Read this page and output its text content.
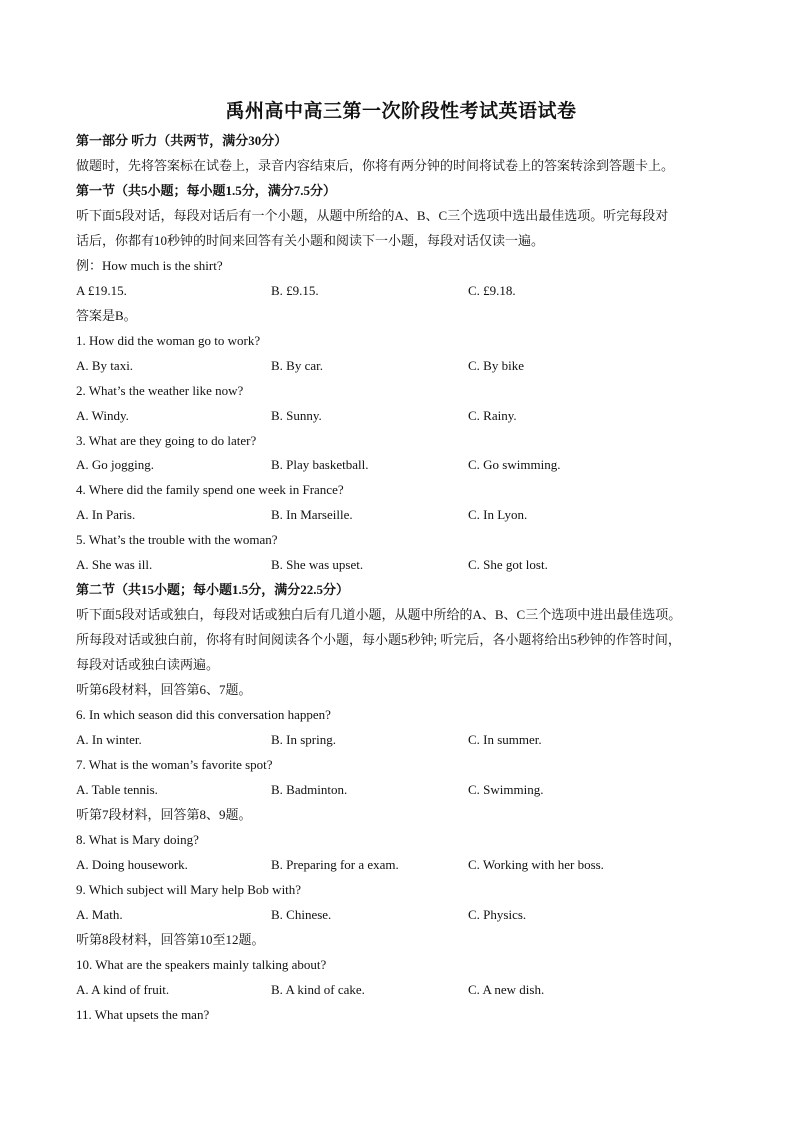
禹州高中高三第一次阶段性考试英语试卷
第一部分 听力（共两节，满分30分）
做题时，先将答案标在试卷上，录音内容结束后，你将有两分钟的时间将试卷上的答案转涂到答题卡上。
第一节（共5小题；每小题1.5分，满分7.5分）
听下面5段对话，每段对话后有一个小题，从题中所给的A、B、C三个选项中选出最佳选项。听完每段对
话后，你都有10秒钟的时间来回答有关小题和阅读下一小题，每段对话仅读一遍。
例：How much is the shirt?
A £19.15.	B. £9.15.	C. £9.18.
答案是B。
1. How did the woman go to work?
A. By taxi.	B. By car.	C. By bike
2. What’s the weather like now?
A. Windy.	B. Sunny.	C. Rainy.
3. What are they going to do later?
A. Go jogging.	B. Play basketball.	C. Go swimming.
4. Where did the family spend one week in France?
A. In Paris.	B. In Marseille.	C. In Lyon.
5. What’s the trouble with the woman?
A. She was ill.	B. She was upset.	C. She got lost.
第二节（共15小题；每小题1.5分，满分22.5分）
听下面5段对话或独白，每段对话或独白后有几道小题，从题中所给的A、B、C三个选项中进出最佳选项。
所每段对话或独白前，你将有时间阅读各个小题，每小题5秒钟; 听完后，各小题将给出5秒钟的作答时间，
每段对话或独白读两遍。
听第6段材料，回答第6、7题。
6. In which season did this conversation happen?
A. In winter.	B. In spring.	C. In summer.
7. What is the woman’s favorite spot?
A. Table tennis.	B. Badminton.	C. Swimming.
听第7段材料，回答第8、9题。
8. What is Mary doing?
A. Doing housework.	B. Preparing for a exam.	C. Working with her boss.
9. Which subject will Mary help Bob with?
A. Math.	B. Chinese.	C. Physics.
听第8段材料，回答第10至12题。
10. What are the speakers mainly talking about?
A. A kind of fruit.	B. A kind of cake.	C. A new dish.
11. What upsets the man?
